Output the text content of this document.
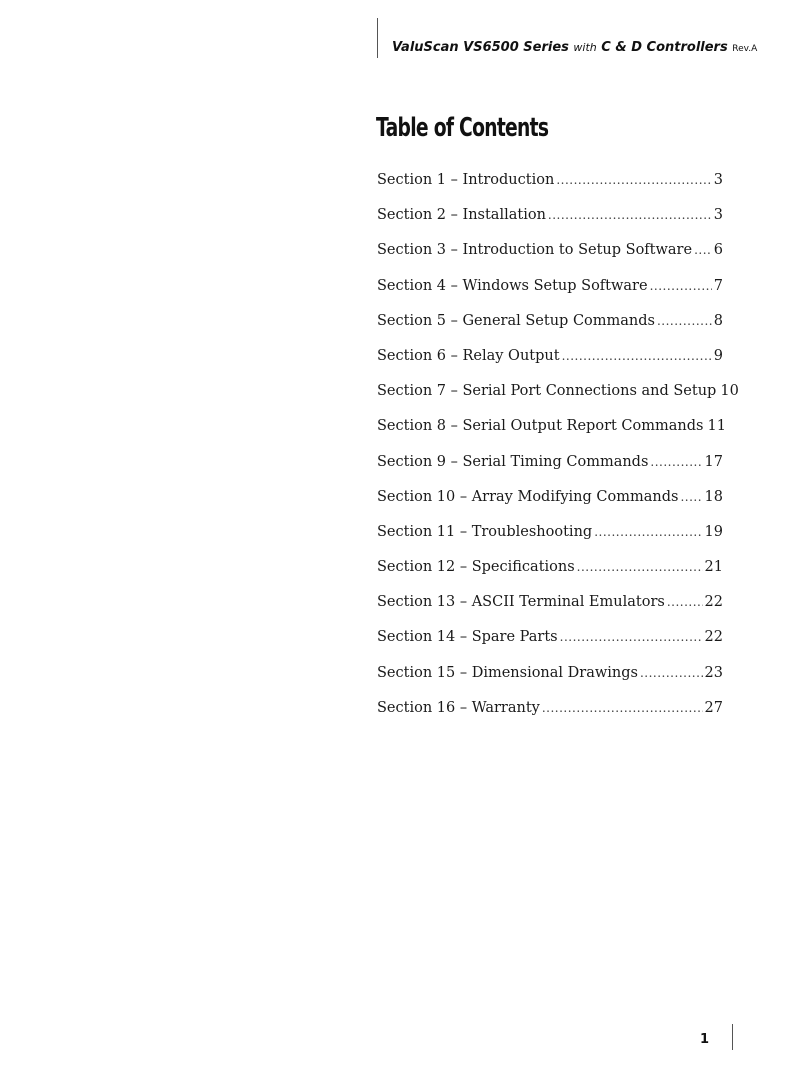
ValuScan VS6500 Series with C & D Controllers Rev.A
Table of Contents
Section 1 – Introduction .....	3
Section 2 – Installation .....	3
Section 3 – Introduction to Setup Software ..... 6
Section 4 – Windows Setup Software .....	7
Section 5 – General Setup Commands .....	8
Section 6 – Relay Output .....	9
Section 7 – Serial Port Connections and Setup 10
Section 8 – Serial Output Report Commands 11
Section 9 – Serial Timing Commands .....	17
Section 10 – Array Modifying Commands ..... 18
Section 11 – Troubleshooting .....	19
Section 12 – Specifications .....	21
Section 13 – ASCII Terminal Emulators .....	22
Section 14 – Spare Parts .....	22
Section 15 – Dimensional Drawings .....	23
Section 16 – Warranty .....	27
1
